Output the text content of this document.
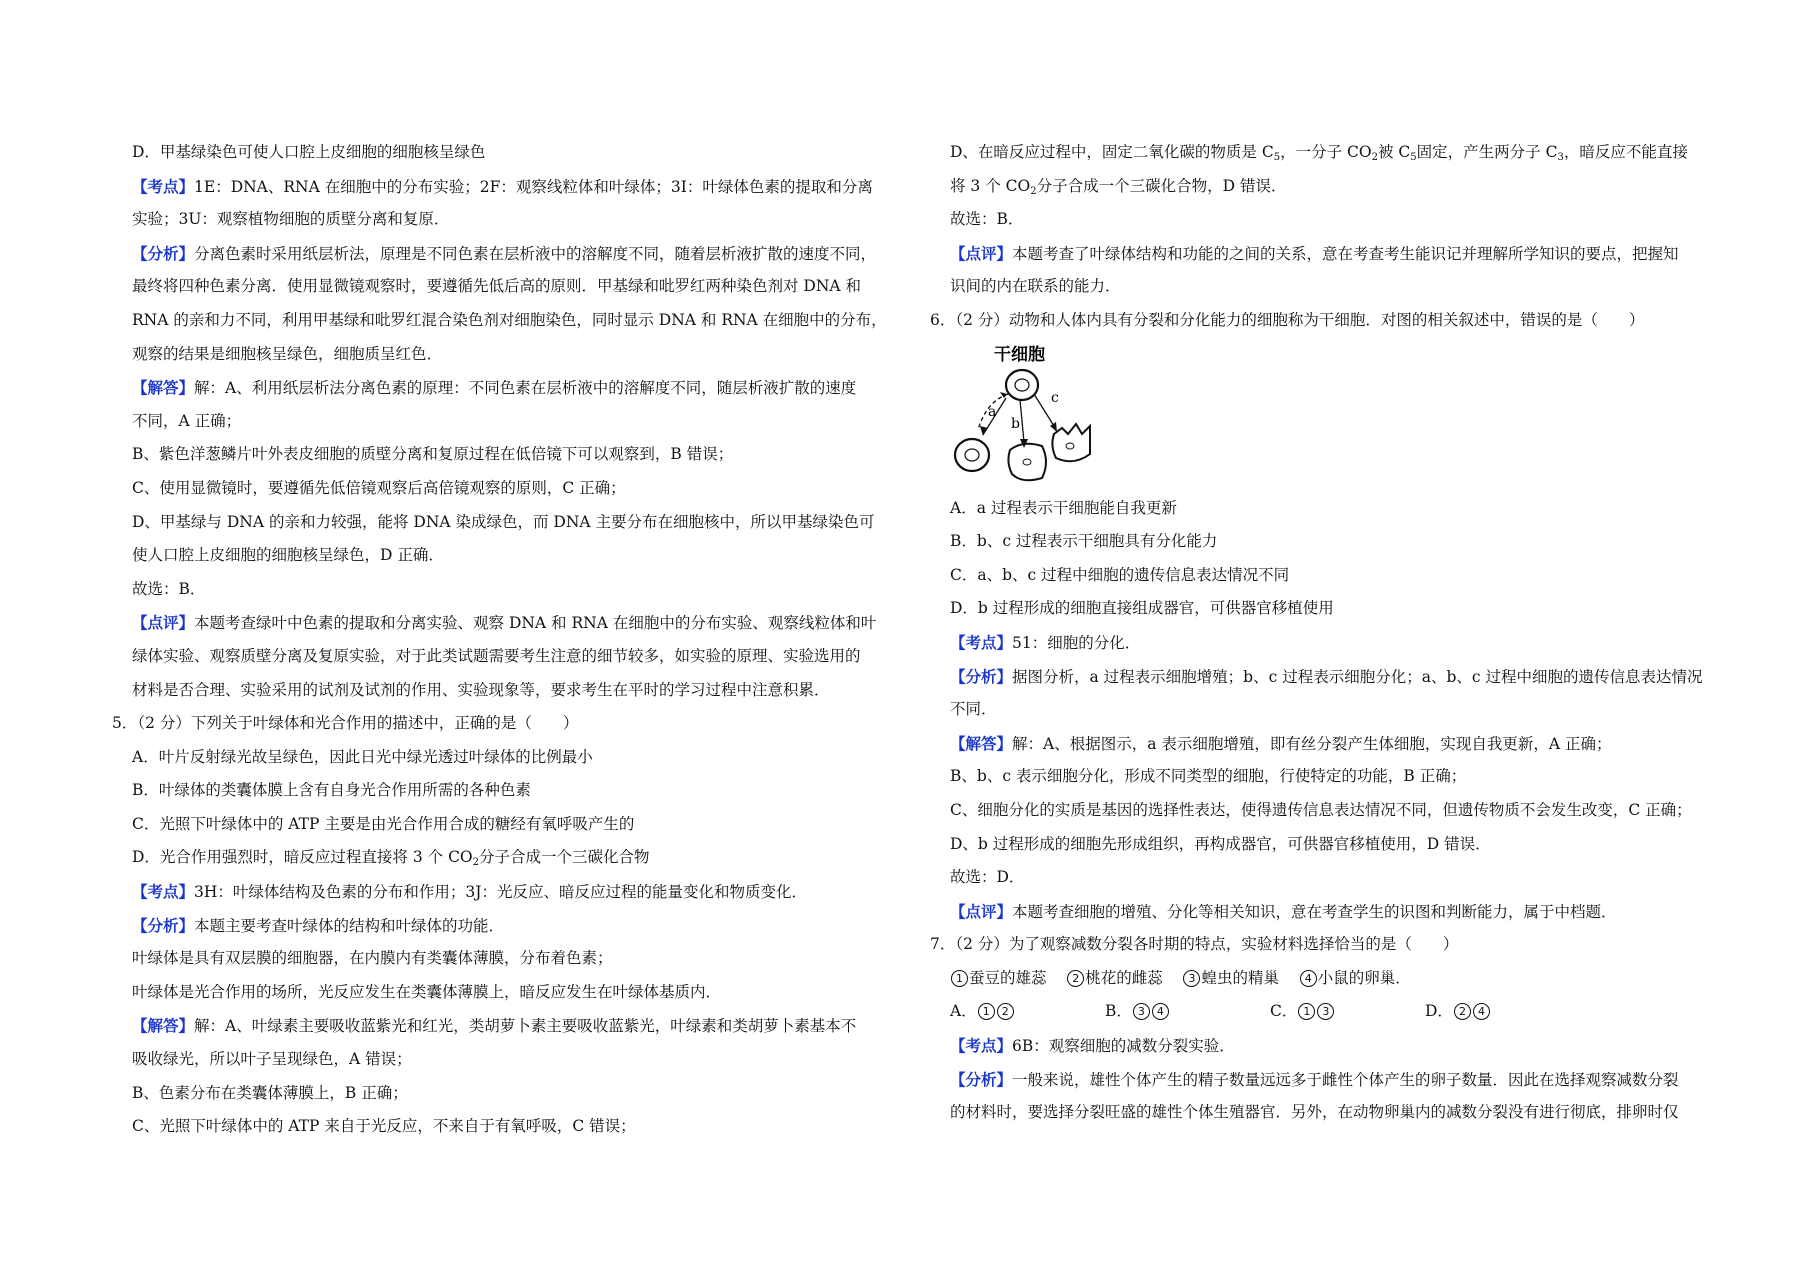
D．甲基绿染色可使人口腔上皮细胞的细胞核呈绿色
【考点】1E：DNA、RNA 在细胞中的分布实验；2F：观察线粒体和叶绿体；3I：叶绿体色素的提取和分离
实验；3U：观察植物细胞的质壁分离和复原．
【分析】分离色素时采用纸层析法，原理是不同色素在层析液中的溶解度不同，随着层析液扩散的速度不同，
最终将四种色素分离．使用显微镜观察时，要遵循先低后高的原则．甲基绿和吡罗红两种染色剂对 DNA 和
RNA 的亲和力不同，利用甲基绿和吡罗红混合染色剂对细胞染色，同时显示 DNA 和 RNA 在细胞中的分布，
观察的结果是细胞核呈绿色，细胞质呈红色．
【解答】解：A、利用纸层析法分离色素的原理：不同色素在层析液中的溶解度不同，随层析液扩散的速度
不同，A 正确；
B、紫色洋葱鳞片叶外表皮细胞的质壁分离和复原过程在低倍镜下可以观察到，B 错误；
C、使用显微镜时，要遵循先低倍镜观察后高倍镜观察的原则，C 正确；
D、甲基绿与 DNA 的亲和力较强，能将 DNA 染成绿色，而 DNA 主要分布在细胞核中，所以甲基绿染色可
使人口腔上皮细胞的细胞核呈绿色，D 正确．
故选：B．
【点评】本题考查绿叶中色素的提取和分离实验、观察 DNA 和 RNA 在细胞中的分布实验、观察线粒体和叶
绿体实验、观察质壁分离及复原实验，对于此类试题需要考生注意的细节较多，如实验的原理、实验选用的
材料是否合理、实验采用的试剂及试剂的作用、实验现象等，要求考生在平时的学习过程中注意积累．
5．（2 分）下列关于叶绿体和光合作用的描述中，正确的是（　　）
A．叶片反射绿光故呈绿色，因此日光中绿光透过叶绿体的比例最小
B．叶绿体的类囊体膜上含有自身光合作用所需的各种色素
C．光照下叶绿体中的 ATP 主要是由光合作用合成的糖经有氧呼吸产生的
D．光合作用强烈时，暗反应过程直接将 3 个 $CO_2$分子合成一个三碳化合物
【考点】3H：叶绿体结构及色素的分布和作用；3J：光反应、暗反应过程的能量变化和物质变化．
【分析】本题主要考查叶绿体的结构和叶绿体的功能．
叶绿体是具有双层膜的细胞器，在内膜内有类囊体薄膜，分布着色素；
叶绿体是光合作用的场所，光反应发生在类囊体薄膜上，暗反应发生在叶绿体基质内．
【解答】解：A、叶绿素主要吸收蓝紫光和红光，类胡萝卜素主要吸收蓝紫光，叶绿素和类胡萝卜素基本不
吸收绿光，所以叶子呈现绿色，A 错误；
B、色素分布在类囊体薄膜上，B 正确；
C、光照下叶绿体中的 ATP 来自于光反应，不来自于有氧呼吸，C 错误；
D、在暗反应过程中，固定二氧化碳的物质是 $C_5$，一分子 $CO_2$被 $C_5$固定，产生两分子 $C_3$，暗反应不能直接
将 3 个 $CO_2$分子合成一个三碳化合物，D 错误．
故选：B．
【点评】本题考查了叶绿体结构和功能的之间的关系，意在考查考生能识记并理解所学知识的要点，把握知
识间的内在联系的能力．
6．（2 分）动物和人体内具有分裂和分化能力的细胞称为干细胞．对图的相关叙述中，错误的是（　　）
干细胞
a
b
c
A．a 过程表示干细胞能自我更新
B．b、c 过程表示干细胞具有分化能力
C．a、b、c 过程中细胞的遗传信息表达情况不同
D．b 过程形成的细胞直接组成器官，可供器官移植使用
【考点】51：细胞的分化．
【分析】据图分析，a 过程表示细胞增殖；b、c 过程表示细胞分化；a、b、c 过程中细胞的遗传信息表达情况
不同．
【解答】解：A、根据图示，a 表示细胞增殖，即有丝分裂产生体细胞，实现自我更新，A 正确；
B、b、c 表示细胞分化，形成不同类型的细胞，行使特定的功能，B 正确；
C、细胞分化的实质是基因的选择性表达，使得遗传信息表达情况不同，但遗传物质不会发生改变，C 正确；
D、b 过程形成的细胞先形成组织，再构成器官，可供器官移植使用，D 错误．
故选：D．
【点评】本题考查细胞的增殖、分化等相关知识，意在考查学生的识图和判断能力，属于中档题．
7．（2 分）为了观察减数分裂各时期的特点，实验材料选择恰当的是（　　）
1 蚕豆的雄蕊 2 桃花的雌蕊 3 蝗虫的精巢 4 小鼠的卵巢．
A． 1 2	B． 3 4	C． 1 3	D． 2 4
【考点】6B：观察细胞的减数分裂实验．
【分析】一般来说，雄性个体产生的精子数量远远多于雌性个体产生的卵子数量．因此在选择观察减数分裂
的材料时，要选择分裂旺盛的雄性个体生殖器官．另外，在动物卵巢内的减数分裂没有进行彻底，排卵时仅
